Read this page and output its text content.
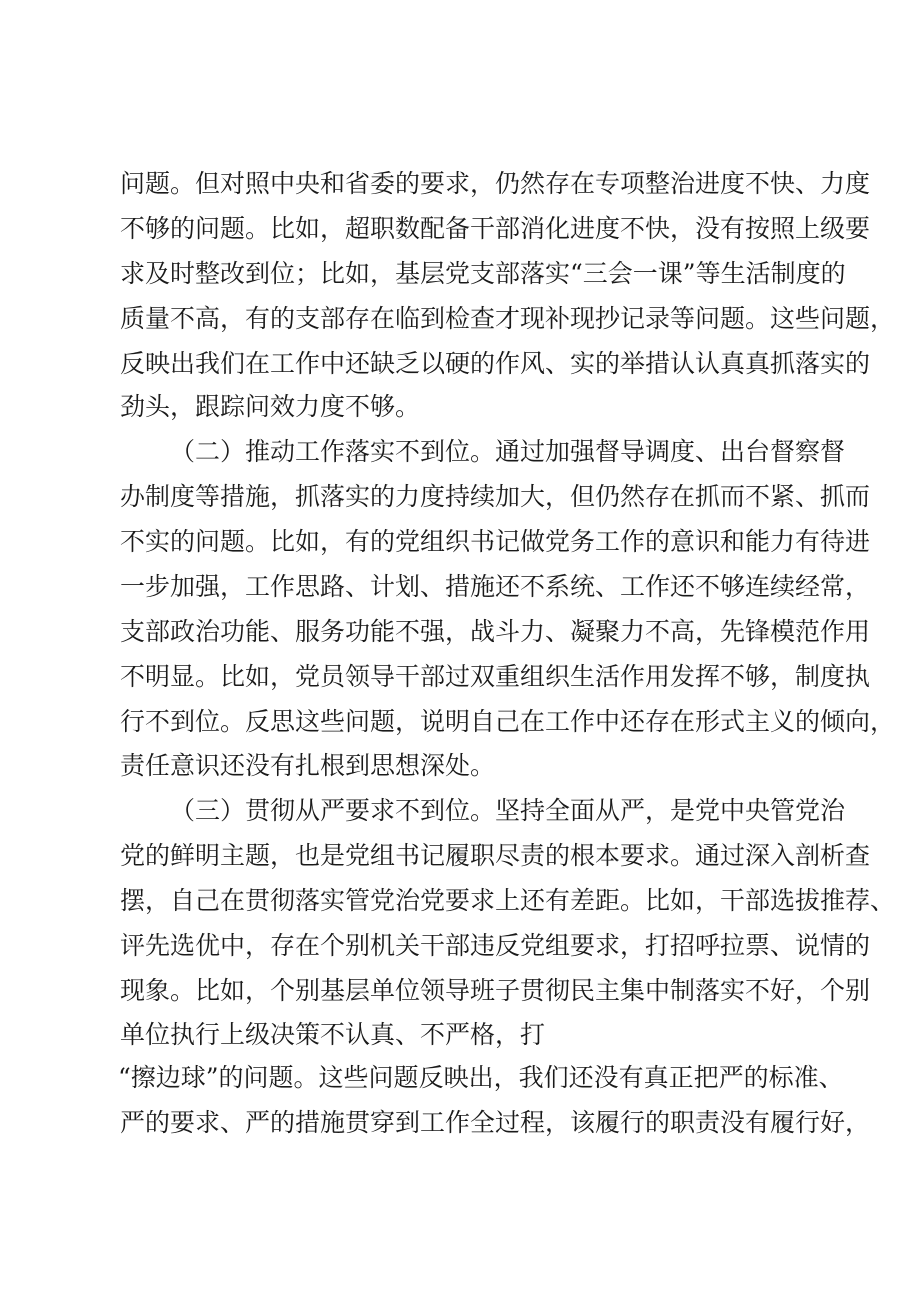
问题。但对照中央和省委的要求，仍然存在专项整治进度不快、力度
不够的问题。比如，超职数配备干部消化进度不快，没有按照上级要
求及时整改到位；比如，基层党支部落实“三会一课”等生活制度的
质量不高，有的支部存在临到检查才现补现抄记录等问题。这些问题，
反映出我们在工作中还缺乏以硬的作风、实的举措认认真真抓落实的
劲头，跟踪问效力度不够。
（二）推动工作落实不到位。通过加强督导调度、出台督察督
办制度等措施，抓落实的力度持续加大，但仍然存在抓而不紧、抓而
不实的问题。比如，有的党组织书记做党务工作的意识和能力有待进
一步加强，工作思路、计划、措施还不系统、工作还不够连续经常，
支部政治功能、服务功能不强，战斗力、凝聚力不高，先锋模范作用
不明显。比如，党员领导干部过双重组织生活作用发挥不够，制度执
行不到位。反思这些问题，说明自己在工作中还存在形式主义的倾向，
责任意识还没有扎根到思想深处。
（三）贯彻从严要求不到位。坚持全面从严，是党中央管党治
党的鲜明主题，也是党组书记履职尽责的根本要求。通过深入剖析查
摆，自己在贯彻落实管党治党要求上还有差距。比如，干部选拔推荐、
评先选优中，存在个别机关干部违反党组要求，打招呼拉票、说情的
现象。比如，个别基层单位领导班子贯彻民主集中制落实不好，个别
单位执行上级决策不认真、不严格，打
“擦边球”的问题。这些问题反映出，我们还没有真正把严的标准、
严的要求、严的措施贯穿到工作全过程，该履行的职责没有履行好，
